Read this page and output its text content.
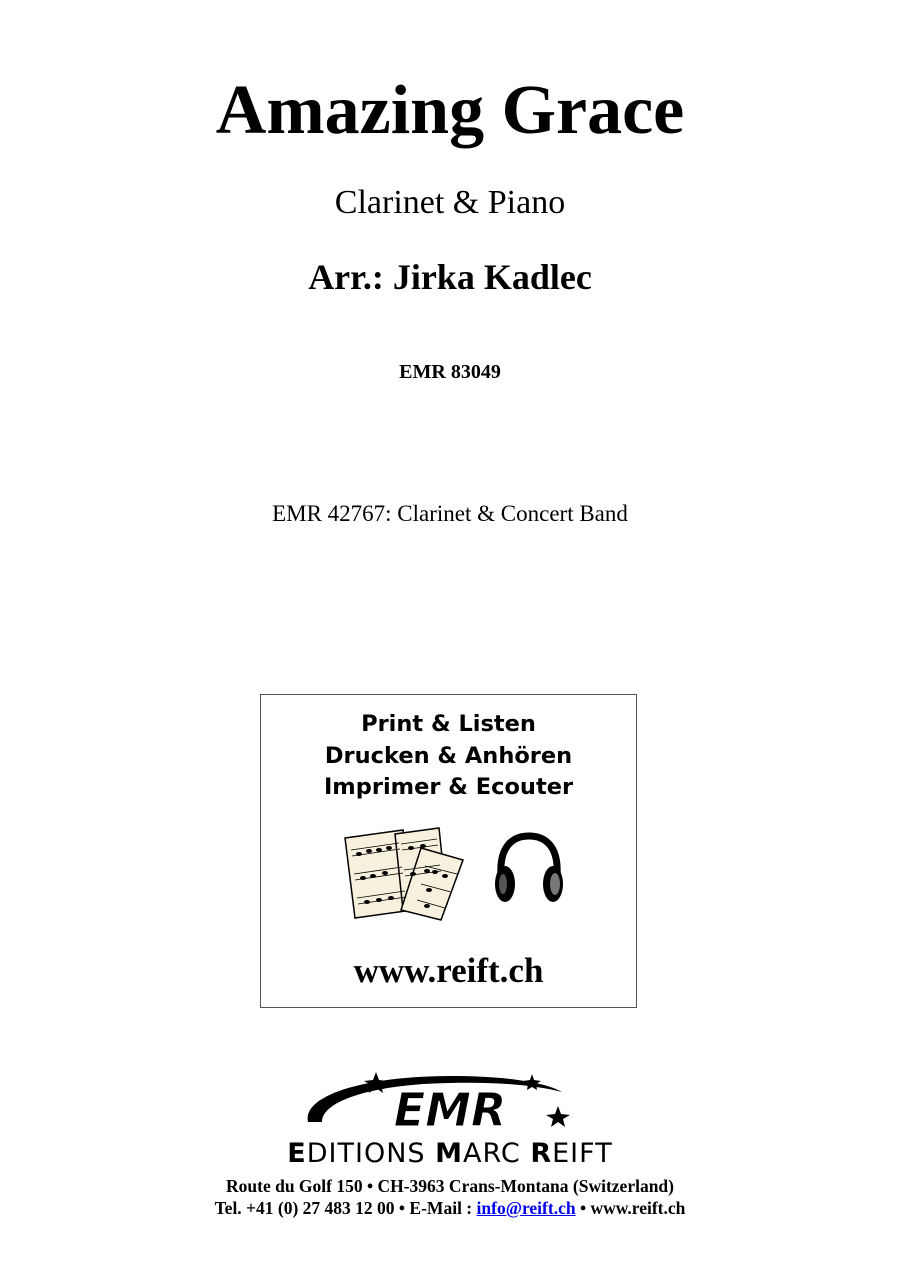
Amazing Grace
Clarinet & Piano
Arr.: Jirka Kadlec
EMR 83049
EMR 42767: Clarinet & Concert Band
Print & Listen
Drucken & Anhören
Imprimer & Ecouter
www.reift.ch
EMR
EDITIONS MARC REIFT
Route du Golf 150 • CH-3963 Crans-Montana (Switzerland)
Tel. +41 (0) 27 483 12 00 • E-Mail : info@reift.ch • www.reift.ch
